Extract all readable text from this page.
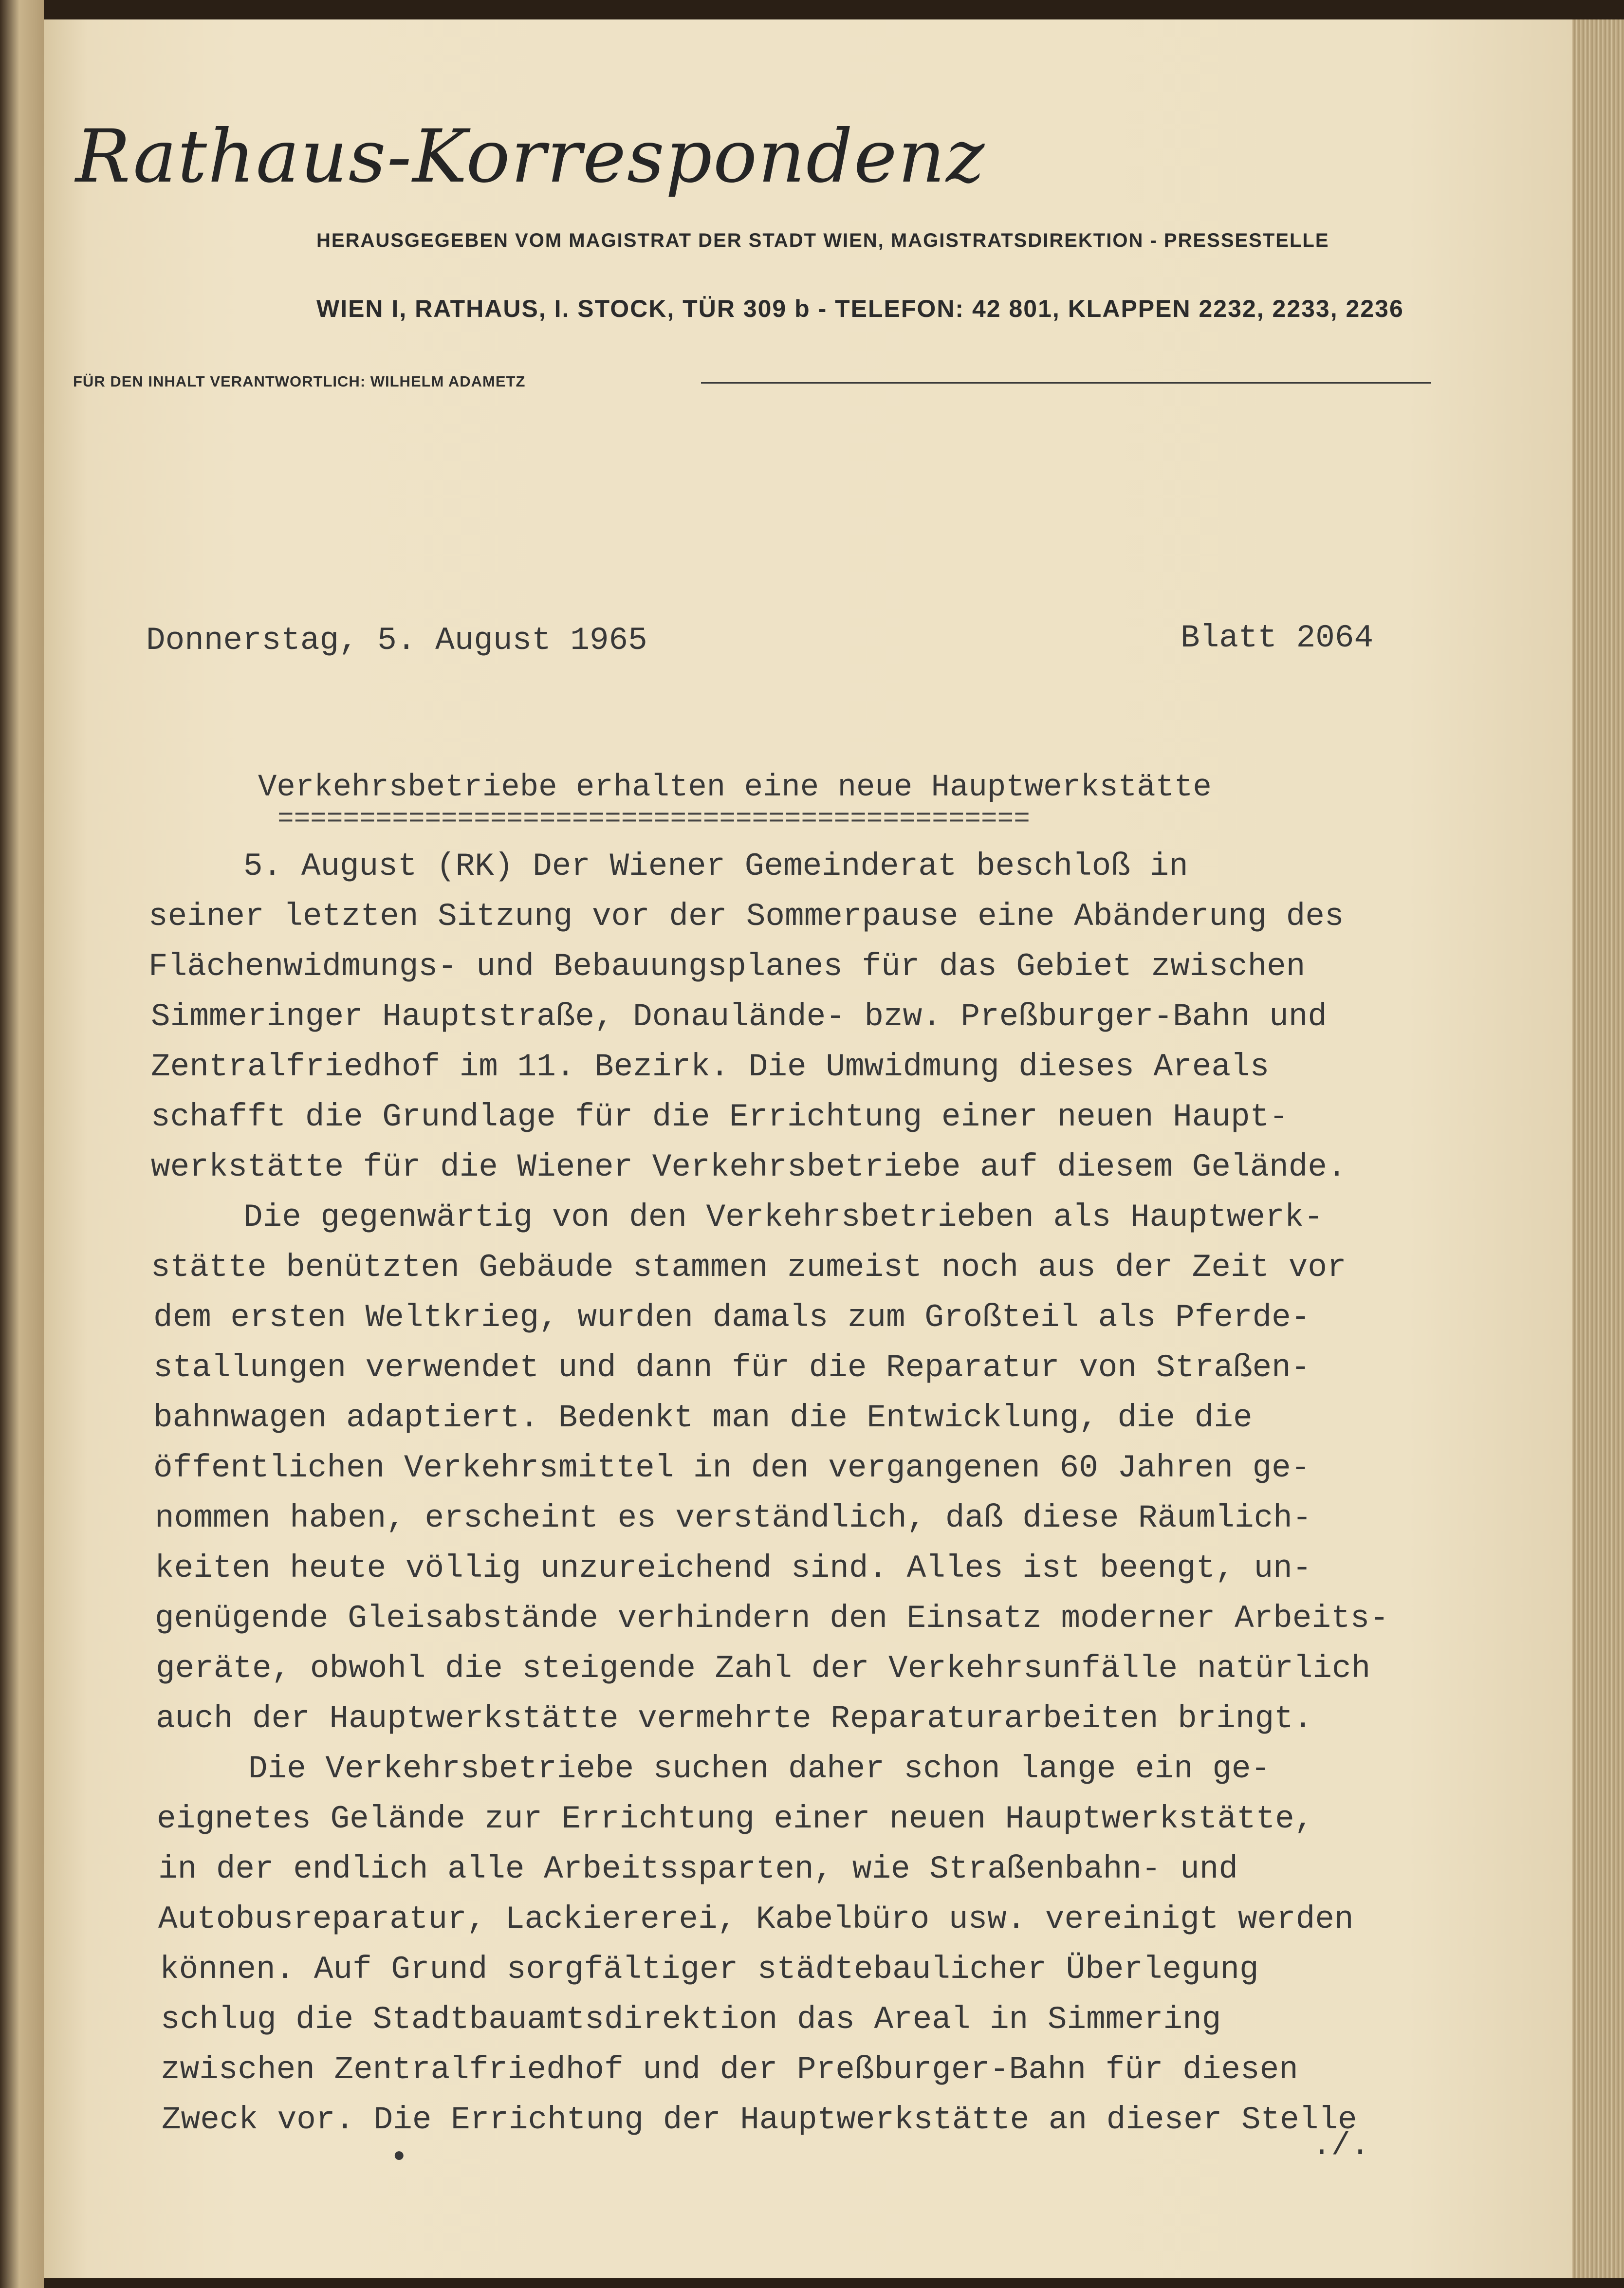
Rathaus-Korrespondenz
HERAUSGEGEBEN VOM MAGISTRAT DER STADT WIEN, MAGISTRATSDIREKTION - PRESSESTELLE
WIEN I, RATHAUS, I. STOCK, TÜR 309 b - TELEFON: 42 801, KLAPPEN 2232, 2233, 2236
FÜR DEN INHALT VERANTWORTLICH: WILHELM ADAMETZ
Donnerstag, 5. August 1965	Blatt 2064
Verkehrsbetriebe erhalten eine neue Hauptwerkstätte
==============================================
5. August (RK) Der Wiener Gemeinderat beschloß in
seiner letzten Sitzung vor der Sommerpause eine Abänderung des
Flächenwidmungs- und Bebauungsplanes für das Gebiet zwischen
Simmeringer Hauptstraße, Donaulände- bzw. Preßburger-Bahn und
Zentralfriedhof im 11. Bezirk. Die Umwidmung dieses Areals
schafft die Grundlage für die Errichtung einer neuen Haupt-
werkstätte für die Wiener Verkehrsbetriebe auf diesem Gelände.
Die gegenwärtig von den Verkehrsbetrieben als Hauptwerk-
stätte benützten Gebäude stammen zumeist noch aus der Zeit vor
dem ersten Weltkrieg, wurden damals zum Großteil als Pferde-
stallungen verwendet und dann für die Reparatur von Straßen-
bahnwagen adaptiert. Bedenkt man die Entwicklung, die die
öffentlichen Verkehrsmittel in den vergangenen 60 Jahren ge-
nommen haben, erscheint es verständlich, daß diese Räumlich-
keiten heute völlig unzureichend sind. Alles ist beengt, un-
genügende Gleisabstände verhindern den Einsatz moderner Arbeits-
geräte, obwohl die steigende Zahl der Verkehrsunfälle natürlich
auch der Hauptwerkstätte vermehrte Reparaturarbeiten bringt.
Die Verkehrsbetriebe suchen daher schon lange ein ge-
eignetes Gelände zur Errichtung einer neuen Hauptwerkstätte,
in der endlich alle Arbeitssparten, wie Straßenbahn- und
Autobusreparatur, Lackiererei, Kabelbüro usw. vereinigt werden
können. Auf Grund sorgfältiger städtebaulicher Überlegung
schlug die Stadtbauamtsdirektion das Areal in Simmering
zwischen Zentralfriedhof und der Preßburger-Bahn für diesen
Zweck vor. Die Errichtung der Hauptwerkstätte an dieser Stelle
•	./.
